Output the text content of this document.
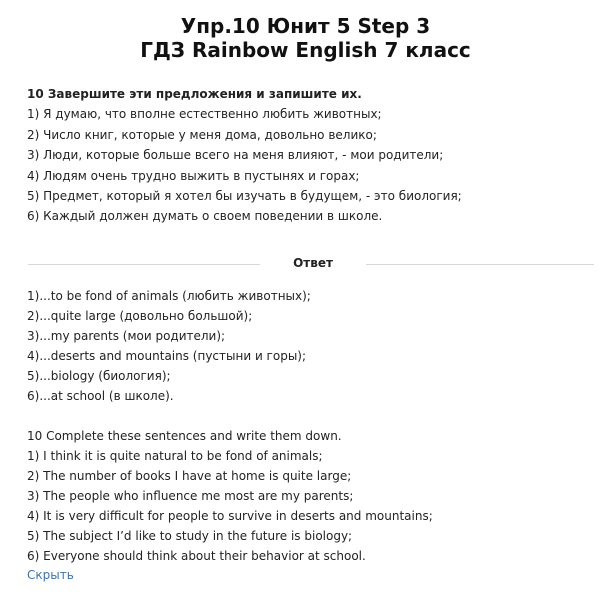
Упр.10 Юнит 5 Step 3
ГДЗ Rainbow English 7 класс
10 Завершите эти предложения и запишите их.
1) Я думаю, что вполне естественно любить животных;
2) Число книг, которые у меня дома, довольно велико;
3) Люди, которые больше всего на меня влияют, - мои родители;
4) Людям очень трудно выжить в пустынях и горах;
5) Предмет, который я хотел бы изучать в будущем, - это биология;
6) Каждый должен думать о своем поведении в школе.
Ответ
1)...to be fond of animals (любить животных);
2)...quite large (довольно большой);
3)...my parents (мои родители);
4)...deserts and mountains (пустыни и горы);
5)...biology (биология);
6)...at school (в школе).
10 Complete these sentences and write them down.
1) I think it is quite natural to be fond of animals;
2) The number of books I have at home is quite large;
3) The people who influence me most are my parents;
4) It is very difficult for people to survive in deserts and mountains;
5) The subject I’d like to study in the future is biology;
6) Everyone should think about their behavior at school.
Скрыть
